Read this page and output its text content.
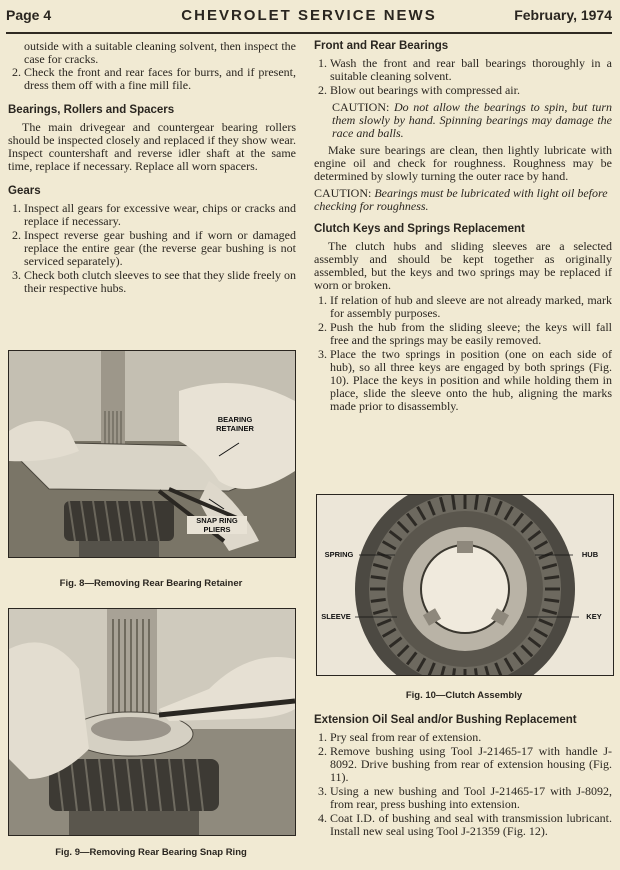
Page 4	CHEVROLET SERVICE NEWS	February, 1974

outside with a suitable cleaning solvent, then inspect the case for cracks.

2. Check the front and rear faces for burrs, and if present, dress them off with a fine mill file.
Bearings, Rollers and Spacers

The main drivegear and countergear bearing rollers should be inspected closely and replaced if they show wear. Inspect countershaft and reverse idler shaft at the same time, replace if necessary. Replace all worn spacers.

Gears
1. Inspect all gears for excessive wear, chips or cracks and replace if necessary.
2. Inspect reverse gear bushing and if worn or damaged replace the entire gear (the reverse gear bushing is not serviced separately).
3. Check both clutch sleeves to see that they slide freely on their respective hubs.
BEARING RETAINER
SNAP RING PLIERS
Fig. 8—Removing Rear Bearing Retainer
Fig. 9—Removing Rear Bearing Snap Ring
Front and Rear Bearings
1. Wash the front and rear ball bearings thoroughly in a suitable cleaning solvent.
2. Blow out bearings with compressed air.
CAUTION: Do not allow the bearings to spin, but turn them slowly by hand. Spinning bearings may damage the race and balls.

Make sure bearings are clean, then lightly lubricate with engine oil and check for roughness. Roughness may be determined by slowly turning the outer race by hand.

CAUTION: Bearings must be lubricated with light oil before checking for roughness.
Clutch Keys and Springs Replacement

The clutch hubs and sliding sleeves are a selected assembly and should be kept together as originally assembled, but the keys and two springs may be replaced if worn or broken.

1. If relation of hub and sleeve are not already marked, mark for assembly purposes.
2. Push the hub from the sliding sleeve; the keys will fall free and the springs may be easily removed.
3. Place the two springs in position (one on each side of hub), so all three keys are engaged by both springs (Fig. 10). Place the keys in position and while holding them in place, slide the sleeve onto the hub, aligning the marks made prior to disassembly.
SPRING	HUB
SLEEVE	KEY
Fig. 10—Clutch Assembly
Extension Oil Seal and/or Bushing Replacement
1. Pry seal from rear of extension.
2. Remove bushing using Tool J-21465-17 with handle J-8092. Drive bushing from rear of extension housing (Fig. 11).
3. Using a new bushing and Tool J-21465-17 with J-8092, from rear, press bushing into extension.
4. Coat I.D. of bushing and seal with transmission lubricant. Install new seal using Tool J-21359 (Fig. 12).
